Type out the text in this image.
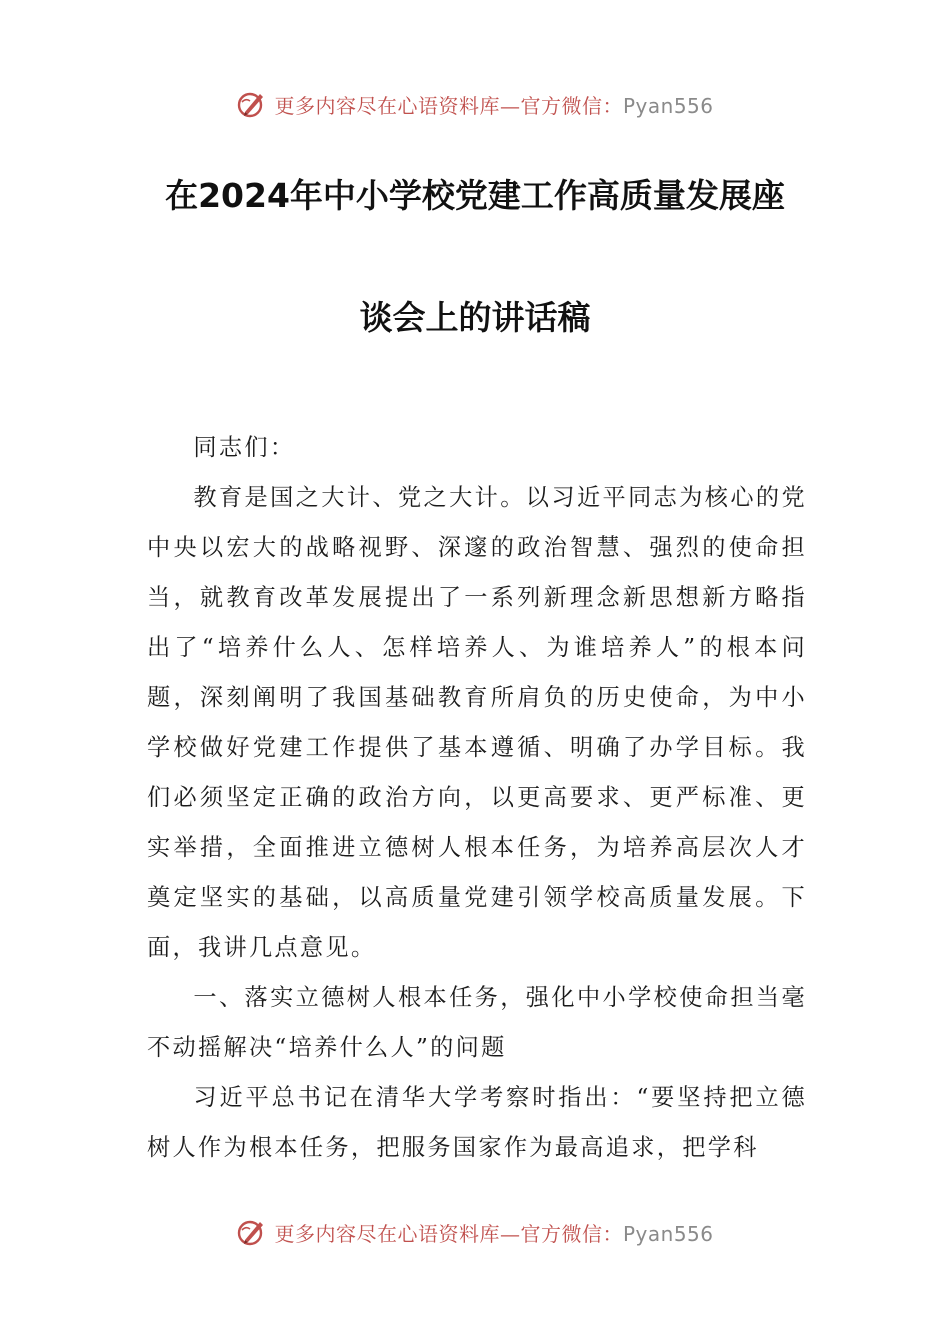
更多内容尽在心语资料库—官方微信：Pyan556
在2024年中小学校党建工作高质量发展座
谈会上的讲话稿

同志们：

教育是国之大计、党之大计。以习近平同志为核心的党中央以宏大的战略视野、深邃的政治智慧、强烈的使命担当，就教育改革发展提出了一系列新理念新思想新方略指出了“培养什么人、怎样培养人、为谁培养人”的根本问题，深刻阐明了我国基础教育所肩负的历史使命，为中小学校做好党建工作提供了基本遵循、明确了办学目标。我们必须坚定正确的政治方向，以更高要求、更严标准、更实举措，全面推进立德树人根本任务，为培养高层次人才奠定坚实的基础，以高质量党建引领学校高质量发展。下面，我讲几点意见。

一、落实立德树人根本任务，强化中小学校使命担当毫不动摇解决“培养什么人”的问题

习近平总书记在清华大学考察时指出：“要坚持把立德树人作为根本任务，把服务国家作为最高追求，把学科

更多内容尽在心语资料库—官方微信：Pyan556
